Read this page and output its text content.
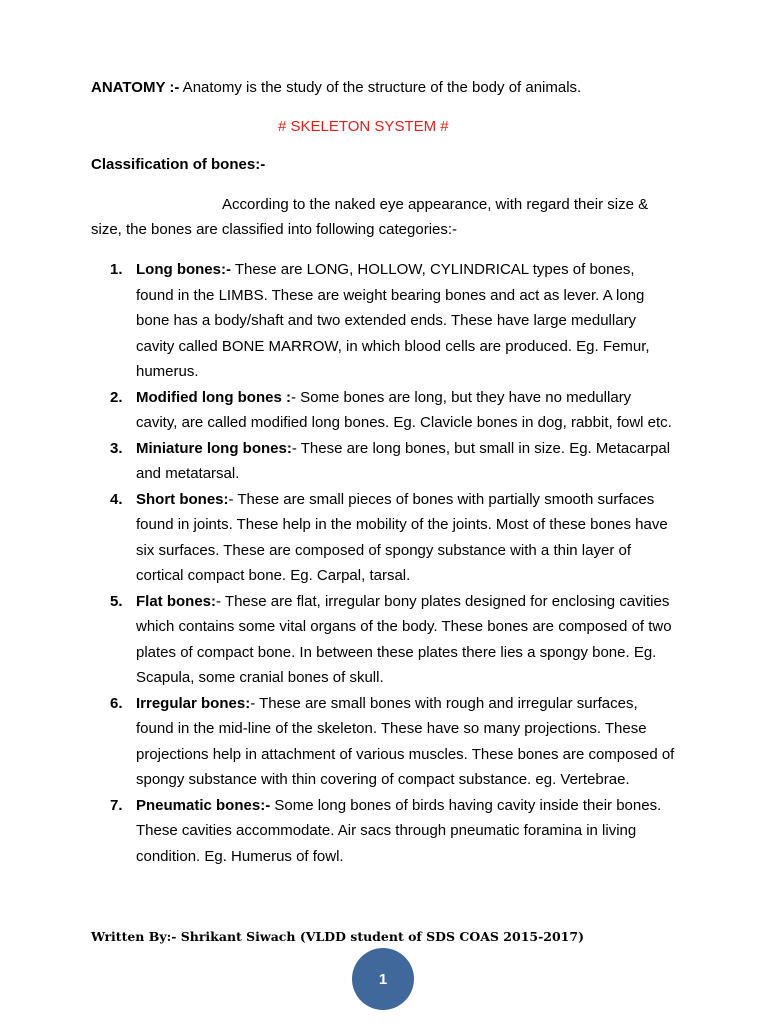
ANATOMY :- Anatomy is the study of the structure of the body of animals.
# SKELETON SYSTEM #
Classification of bones:-
According to the naked eye appearance, with regard their size & size, the bones are classified into following categories:-
Long bones:- These are LONG, HOLLOW, CYLINDRICAL types of bones, found in the LIMBS. These are weight bearing bones and act as lever. A long bone has a body/shaft and two extended ends. These have large medullary cavity called BONE MARROW, in which blood cells are produced. Eg. Femur, humerus.
Modified long bones :- Some bones are long, but they have no medullary cavity, are called modified long bones. Eg. Clavicle bones in dog, rabbit, fowl etc.
Miniature long bones:- These are long bones, but small in size. Eg. Metacarpal and metatarsal.
Short bones:- These are small pieces of bones with partially smooth surfaces found in joints. These help in the mobility of the joints. Most of these bones have six surfaces. These are composed of spongy substance with a thin layer of cortical compact bone. Eg. Carpal, tarsal.
Flat bones:- These are flat, irregular bony plates designed for enclosing cavities which contains some vital organs of the body. These bones are composed of two plates of compact bone. In between these plates there lies a spongy bone. Eg. Scapula, some cranial bones of skull.
Irregular bones:- These are small bones with rough and irregular surfaces, found in the mid-line of the skeleton. These have so many projections. These projections help in attachment of various muscles. These bones are composed of spongy substance with thin covering of compact substance. eg. Vertebrae.
Pneumatic bones:- Some long bones of birds having cavity inside their bones. These cavities accommodate. Air sacs through pneumatic foramina in living condition. Eg. Humerus of fowl.
Written By:- Shrikant Siwach (VLDD student of SDS COAS 2015-2017)
1
